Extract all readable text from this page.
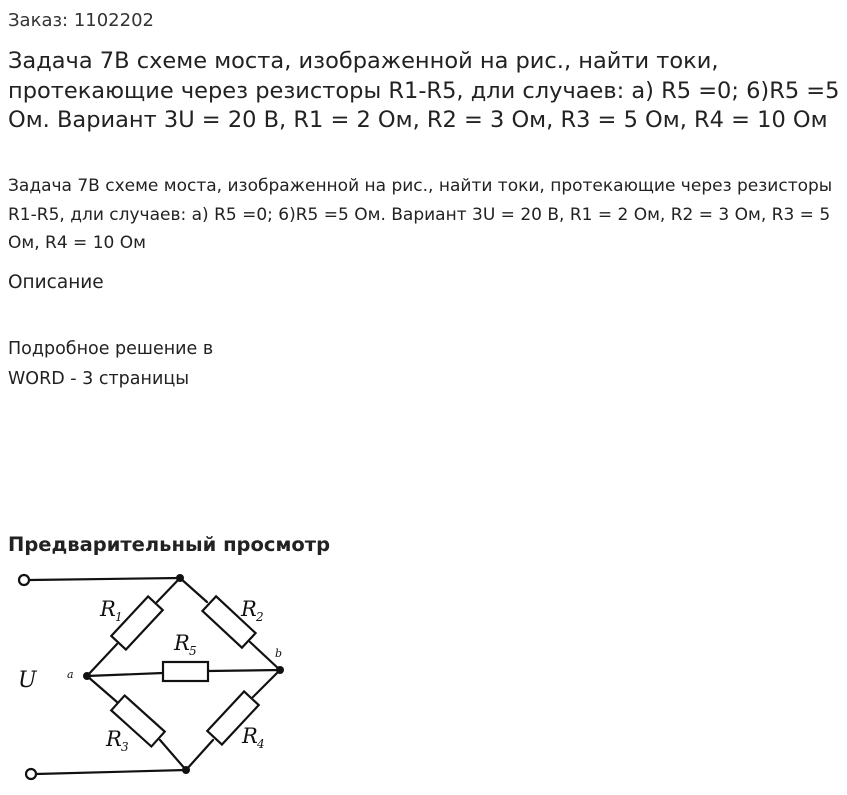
Заказ: 1102202
Задача 7В схеме моста, изображенной на рис., найти токи, протекающие через резисторы R1-R5, дли случаев: а) R5 =0; 6)R5 =5 Ом. Вариант 3U = 20 В, R1 = 2 Ом, R2 = 3 Ом, R3 = 5 Ом, R4 = 10 Ом
Задача 7В схеме моста, изображенной на рис., найти токи, протекающие через резисторы R1-R5, дли случаев: а) R5 =0; 6)R5 =5 Ом. Вариант 3U = 20 В, R1 = 2 Ом, R2 = 3 Ом, R3 = 5 Ом, R4 = 10 Ом
Описание
Подробное решение в
WORD - 3 страницы
Предварительный просмотр
U	a
b
R 1	R 2
R 5
R 3	R 4
